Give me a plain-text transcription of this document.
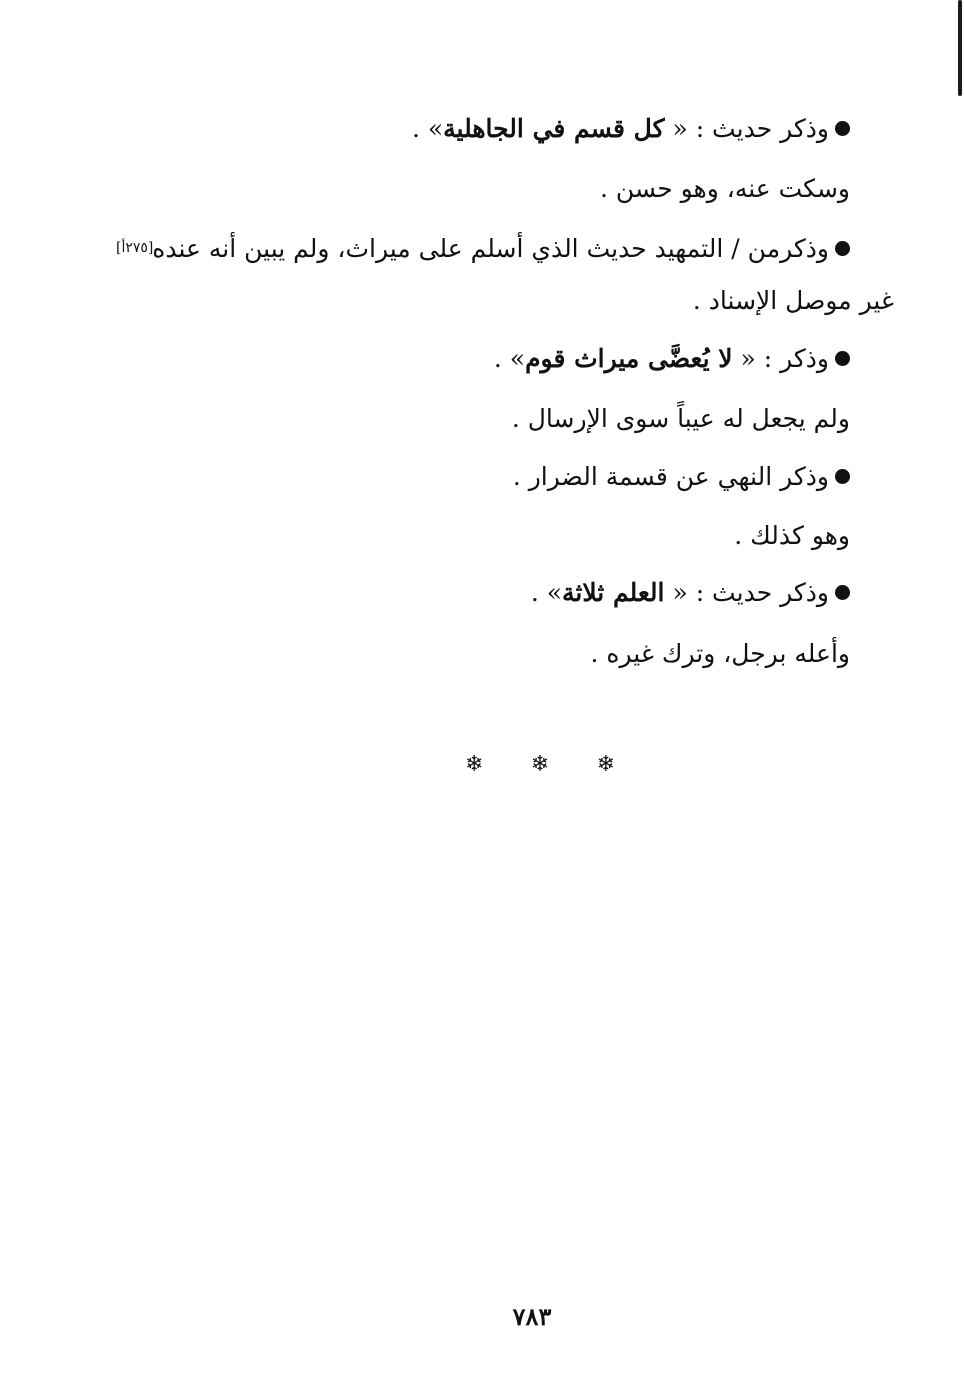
وذكر حديث : « كل قسم في الجاهلية» .
وسكت عنه، وهو حسن .
وذكرمن / التمهيد حديث الذي أسلم على ميراث، ولم يبين أنه عنده
[٢٧٥أ]
غير موصل الإسناد .
وذكر : « لا يُعضَّى ميراث قوم» .
ولم يجعل له عيباً سوى الإرسال .
وذكر النهي عن قسمة الضرار .
وهو كذلك .
وذكر حديث : « العلم ثلاثة» .
وأعله برجل، وترك غيره .
❄ ❄ ❄
٧٨٣
